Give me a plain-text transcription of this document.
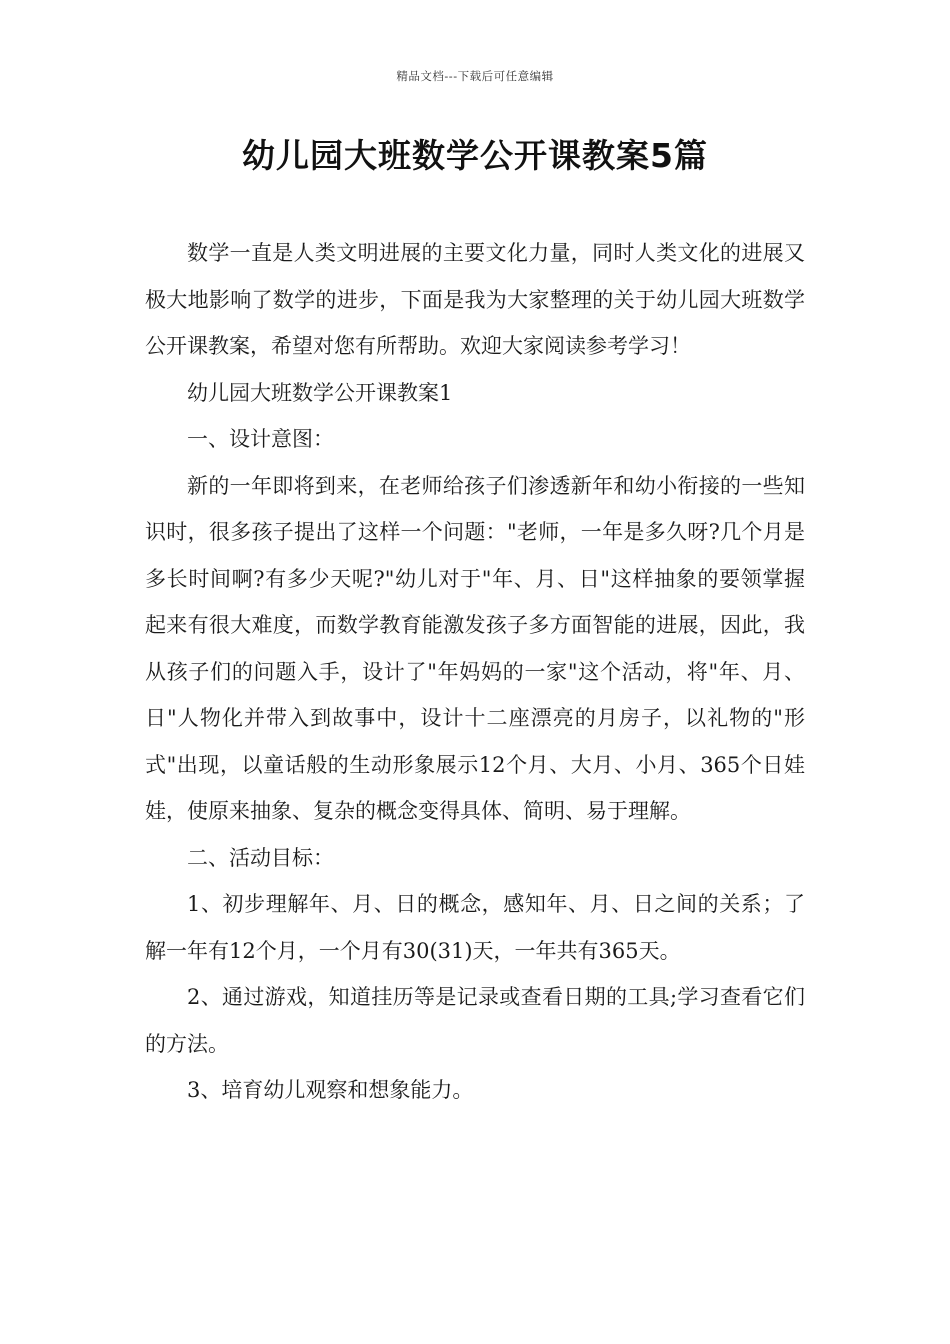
精品文档---下载后可任意编辑
幼儿园大班数学公开课教案5篇

数学一直是人类文明进展的主要文化力量，同时人类文化的进展又极大地影响了数学的进步，下面是我为大家整理的关于幼儿园大班数学公开课教案，希望对您有所帮助。欢迎大家阅读参考学习！

幼儿园大班数学公开课教案1

一、设计意图：

新的一年即将到来，在老师给孩子们渗透新年和幼小衔接的一些知识时，很多孩子提出了这样一个问题："老师，一年是多久呀?几个月是多长时间啊?有多少天呢?"幼儿对于"年、月、日"这样抽象的要领掌握起来有很大难度，而数学教育能激发孩子多方面智能的进展，因此，我从孩子们的问题入手，设计了"年妈妈的一家"这个活动，将"年、月、日"人物化并带入到故事中，设计十二座漂亮的月房子，以礼物的"形式"出现，以童话般的生动形象展示12个月、大月、小月、365个日娃娃，使原来抽象、复杂的概念变得具体、简明、易于理解。

二、活动目标：

1、初步理解年、月、日的概念，感知年、月、日之间的关系；了解一年有12个月，一个月有30(31)天，一年共有365天。

2、通过游戏，知道挂历等是记录或查看日期的工具;学习查看它们的方法。

3、培育幼儿观察和想象能力。
